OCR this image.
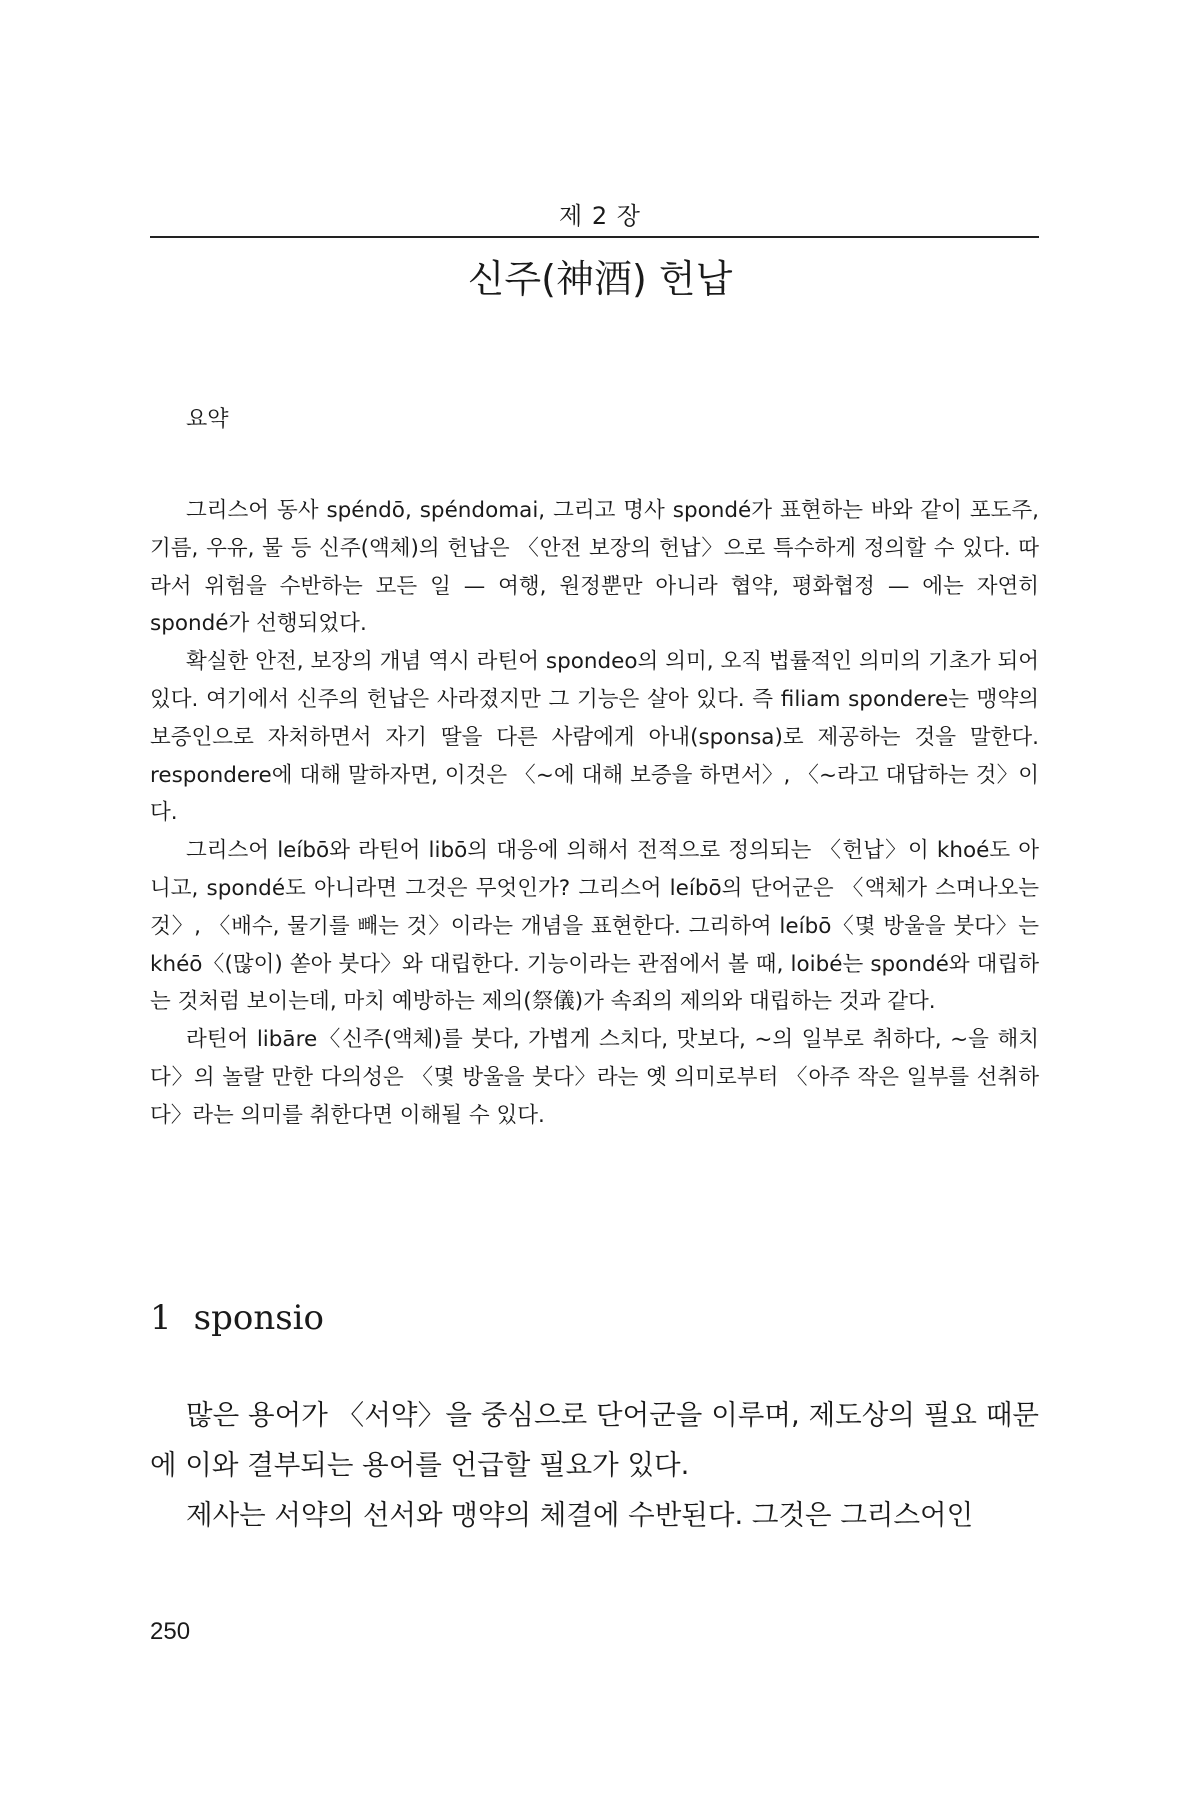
제 2 장
신주(神酒) 헌납
요약

그리스어 동사 spéndō, spéndomai, 그리고 명사 spondé가 표현하는 바와 같이 포도주, 기름, 우유, 물 등 신주(액체)의 헌납은 〈안전 보장의 헌납〉으로 특수하게 정의할 수 있다. 따라서 위험을 수반하는 모든 일 — 여행, 원정뿐만 아니라 협약, 평화협정 — 에는 자연히 spondé가 선행되었다.

확실한 안전, 보장의 개념 역시 라틴어 spondeo의 의미, 오직 법률적인 의미의 기초가 되어 있다. 여기에서 신주의 헌납은 사라졌지만 그 기능은 살아 있다. 즉 filiam spondere는 맹약의 보증인으로 자처하면서 자기 딸을 다른 사람에게 아내(sponsa)로 제공하는 것을 말한다. respondere에 대해 말하자면, 이것은 〈~에 대해 보증을 하면서〉, 〈~라고 대답하는 것〉이다.

그리스어 leíbō와 라틴어 libō의 대응에 의해서 전적으로 정의되는 〈헌납〉이 khoé도 아니고, spondé도 아니라면 그것은 무엇인가? 그리스어 leíbō의 단어군은 〈액체가 스며나오는 것〉, 〈배수, 물기를 빼는 것〉이라는 개념을 표현한다. 그리하여 leíbō〈몇 방울을 붓다〉는 khéō〈(많이) 쏟아 붓다〉와 대립한다. 기능이라는 관점에서 볼 때, loibé는 spondé와 대립하는 것처럼 보이는데, 마치 예방하는 제의(祭儀)가 속죄의 제의와 대립하는 것과 같다.

라틴어 libāre〈신주(액체)를 붓다, 가볍게 스치다, 맛보다, ~의 일부로 취하다, ~을 해치다〉의 놀랄 만한 다의성은 〈몇 방울을 붓다〉라는 옛 의미로부터 〈아주 작은 일부를 선취하다〉라는 의미를 취한다면 이해될 수 있다.

1 sponsio

많은 용어가 〈서약〉을 중심으로 단어군을 이루며, 제도상의 필요 때문에 이와 결부되는 용어를 언급할 필요가 있다.

제사는 서약의 선서와 맹약의 체결에 수반된다. 그것은 그리스어인

250
